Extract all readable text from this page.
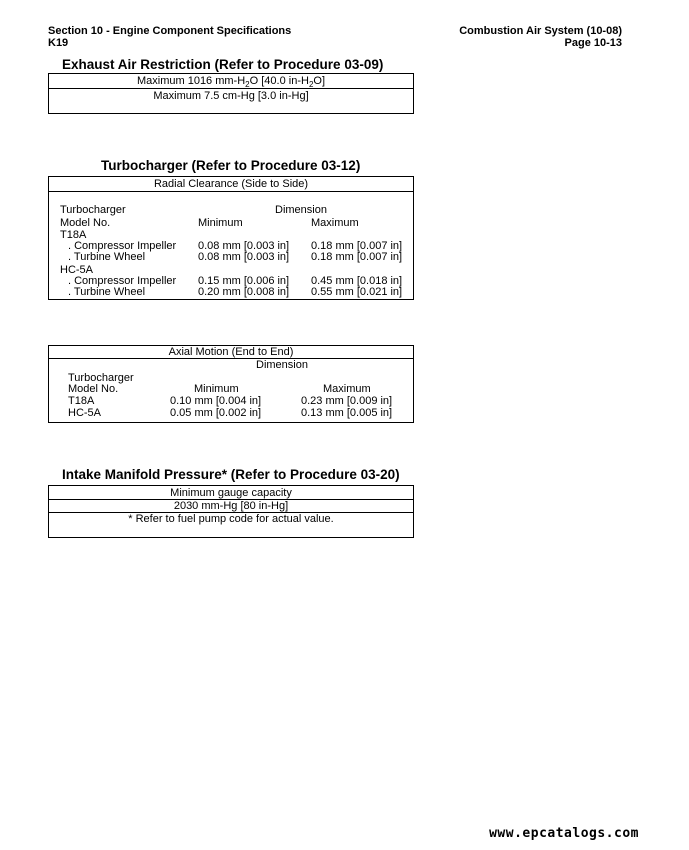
Section 10 - Engine Component Specifications
K19
Combustion Air System (10-08)
Page 10-13
Exhaust Air Restriction (Refer to Procedure 03-09)
Maximum 1016 $mm-H_2O$ [40.0 $in-H_2O$]
Maximum 7.5 cm-Hg [3.0 in-Hg]
Turbocharger (Refer to Procedure 03-12)
Radial Clearance (Side to Side)
Turbocharger	Dimension
Model No.	Minimum	Maximum
T18A
. Compressor Impeller 0.08 mm [0.003 in] 0.18 mm [0.007 in]
. Turbine Wheel	0.08 mm [0.003 in] 0.18 mm [0.007 in]
HC-5A
. Compressor Impeller 0.15 mm [0.006 in] 0.45 mm [0.018 in]
. Turbine Wheel	0.20 mm [0.008 in] 0.55 mm [0.021 in]
Axial Motion (End to End)
Dimension
Turbocharger
Model No.	Minimum	Maximum
T18A	0.10 mm [0.004 in]	0.23 mm [0.009 in]
HC-5A	0.05 mm [0.002 in]	0.13 mm [0.005 in]
Intake Manifold Pressure* (Refer to Procedure 03-20)
Minimum gauge capacity
2030 mm-Hg [80 in-Hg]
* Refer to fuel pump code for actual value.
www.epcatalogs.com
